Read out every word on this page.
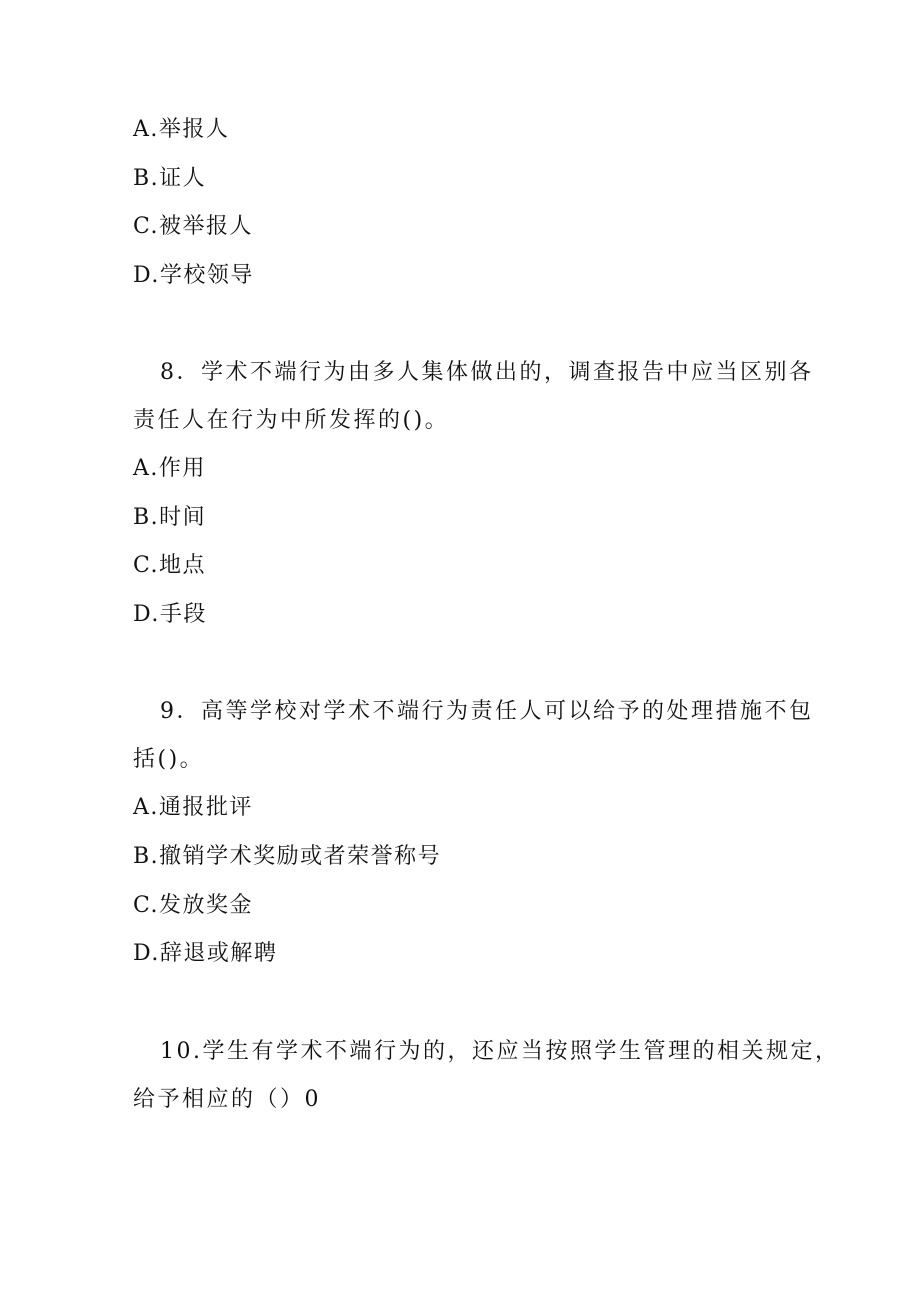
A.举报人
B.证人
C.被举报人
D.学校领导
8．学术不端行为由多人集体做出的，调查报告中应当区别各
责任人在行为中所发挥的()。
A.作用
B.时间
C.地点
D.手段
9．高等学校对学术不端行为责任人可以给予的处理措施不包
括()。
A.通报批评
B.撤销学术奖励或者荣誉称号
C.发放奖金
D.辞退或解聘
10.学生有学术不端行为的，还应当按照学生管理的相关规定，
给予相应的（）0
